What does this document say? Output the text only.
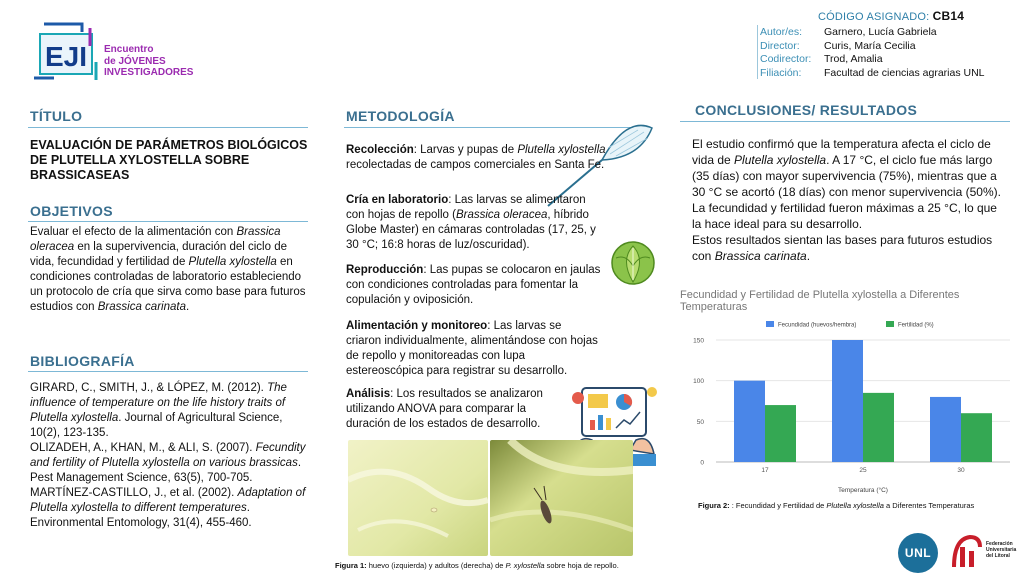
EJI Encuentro
de JÓVENES
INVESTIGADORES
CÓDIGO ASIGNADO: CB14
Autor/es:	Garnero, Lucía Gabriela
Director:	Curis, María Cecilia
Codirector:	Trod, Amalia
Filiación:	Facultad de ciencias agrarias UNL
TÍTULO
EVALUACIÓN DE PARÁMETROS BIOLÓGICOS DE PLUTELLA XYLOSTELLA SOBRE BRASSICASEAS
OBJETIVOS
Evaluar el efecto de la alimentación con Brassica oleracea en la supervivencia, duración del ciclo de vida, fecundidad y fertilidad de Plutella xylostella en condiciones controladas de laboratorio estableciendo un protocolo de cría que sirva como base para futuros estudios con Brassica carinata.
BIBLIOGRAFÍA
GIRARD, C., SMITH, J., & LÓPEZ, M. (2012). The influence of temperature on the life history traits of Plutella xylostella. Journal of Agricultural Science, 10(2), 123-135.
OLIZADEH, A., KHAN, M., & ALI, S. (2007). Fecundity and fertility of Plutella xylostella on various brassicas. Pest Management Science, 63(5), 700-705.
MARTÍNEZ-CASTILLO, J., et al. (2002). Adaptation of Plutella xylostella to different temperatures. Environmental Entomology, 31(4), 455-460.
METODOLOGÍA
Recolección: Larvas y pupas de Plutella xylostella recolectadas de campos comerciales en Santa Fe.
Cría en laboratorio: Las larvas se alimentaron con hojas de repollo (Brassica oleracea, híbrido Globe Master) en cámaras controladas (17, 25, y 30 °C; 16:8 horas de luz/oscuridad).
Reproducción: Las pupas se colocaron en jaulas con condiciones controladas para fomentar la copulación y oviposición.
Alimentación y monitoreo: Las larvas se criaron individualmente, alimentándose con hojas de repollo y monitoreadas con lupa estereoscópica para registrar su desarrollo.
Análisis: Los resultados se analizaron utilizando ANOVA para comparar la duración de los estados de desarrollo.
Figura 1: huevo (izquierda) y adultos (derecha) de P. xylostella sobre hoja de repollo.
CONCLUSIONES/ RESULTADOS
El estudio confirmó que la temperatura afecta el ciclo de vida de Plutella xylostella. A 17 °C, el ciclo fue más largo (35 días) con mayor supervivencia (75%), mientras que a 30 °C se acortó (18 días) con menor supervivencia (50%). La fecundidad y fertilidad fueron máximas a 25 °C, lo que la hace ideal para su desarrollo.
Estos resultados sientan las bases para futuros estudios con Brassica carinata.
Fecundidad y Fertilidad de Plutella xylostella a Diferentes Temperaturas
Fecundidad (huevos/hembra)	Fertilidad (%)
0
50
100
150
17	25	30
Temperatura (°C)
Figura 2: : Fecundidad y Fertilidad de Plutella xylostella a Diferentes Temperaturas
UNL
Federación
Universitaria
del Litoral
